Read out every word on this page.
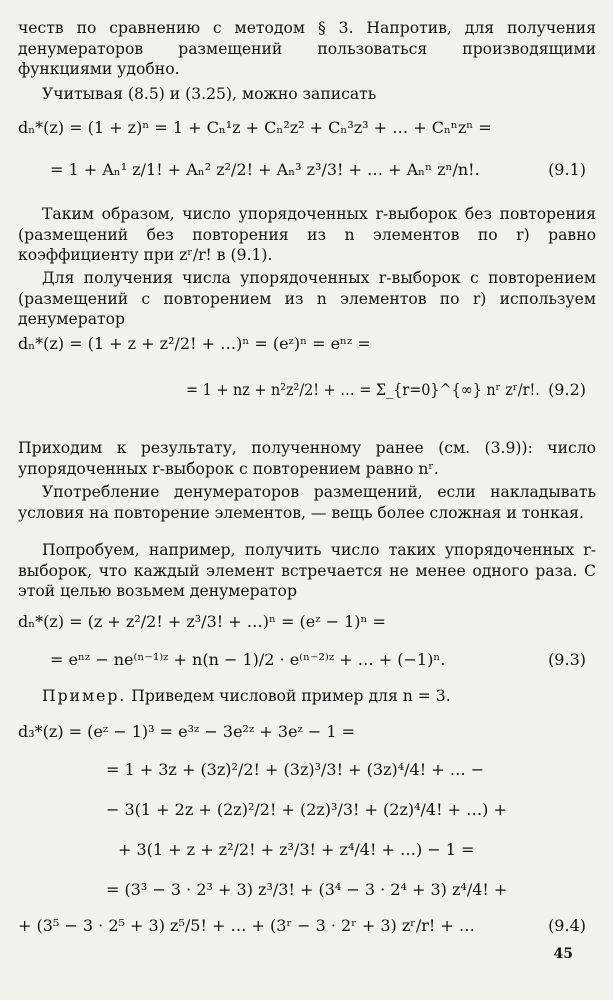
честв по сравнению с методом § 3. Напротив, для получения денумераторов размещений пользоваться производящими функциями удобно.

Учитывая (8.5) и (3.25), можно записать

dₙ*(z) = (1 + z)ⁿ = 1 + Cₙ¹z + Cₙ²z² + Cₙ³z³ + … + Cₙⁿzⁿ =
= 1 + Aₙ¹ z/1! + Aₙ² z²/2! + Aₙ³ z³/3! + … + Aₙⁿ zⁿ/n!.	(9.1)

Таким образом, число упорядоченных r-выборок без повторения (размещений без повторения из n элементов по r) равно коэффициенту при zʳ/r! в (9.1).

Для получения числа упорядоченных r-выборок с повторением (размещений с повторением из n элементов по r) используем денумератор

dₙ*(z) = (1 + z + z²/2! + …)ⁿ = (eᶻ)ⁿ = eⁿᶻ =
= 1 + nz + n²z²/2! + … = Σ_{r=0}^{∞} nʳ zʳ/r!. (9.2)

Приходим к результату, полученному ранее (см. (3.9)): число упорядоченных r-выборок с повторением равно nʳ.

Употребление денумераторов размещений, если накладывать условия на повторение элементов, — вещь более сложная и тонкая.

Попробуем, например, получить число таких упорядоченных r-выборок, что каждый элемент встречается не менее одного раза. С этой целью возьмем денумератор

dₙ*(z) = (z + z²/2! + z³/3! + …)ⁿ = (eᶻ − 1)ⁿ =
= eⁿᶻ − ne⁽ⁿ⁻¹⁾ᶻ + n(n − 1)/2 · e⁽ⁿ⁻²⁾ᶻ + … + (−1)ⁿ.	(9.3)
Пример. Приведем числовой пример для n = 3.
d₃*(z) = (eᶻ − 1)³ = e³ᶻ − 3e²ᶻ + 3eᶻ − 1 =
= 1 + 3z + (3z)²/2! + (3z)³/3! + (3z)⁴/4! + … −
− 3(1 + 2z + (2z)²/2! + (2z)³/3! + (2z)⁴/4! + …) +
+ 3(1 + z + z²/2! + z³/3! + z⁴/4! + …) − 1 =
= (3³ − 3 · 2³ + 3) z³/3! + (3⁴ − 3 · 2⁴ + 3) z⁴/4! +
+ (3⁵ − 3 · 2⁵ + 3) z⁵/5! + … + (3ʳ − 3 · 2ʳ + 3) zʳ/r! + …	(9.4)
45
